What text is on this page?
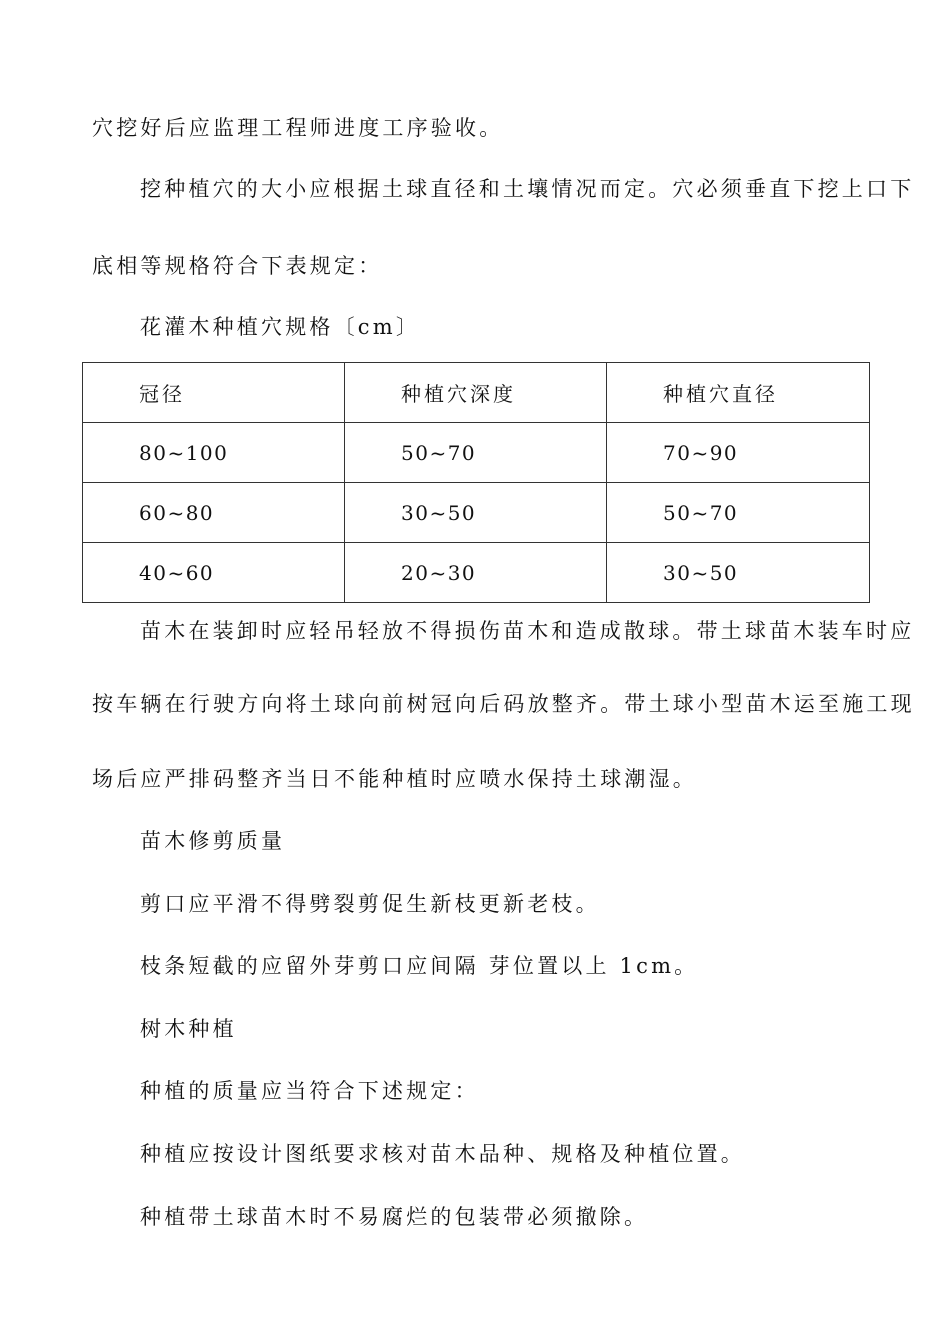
穴挖好后应监理工程师进度工序验收。
挖种植穴的大小应根据土球直径和土壤情况而定。穴必须垂直下挖上口下
底相等规格符合下表规定：
花灌木种植穴规格〔cm〕
冠径	种植穴深度	种植穴直径
80~100	50~70	70~90
60~80	30~50	50~70
40~60	20~30	30~50
苗木在装卸时应轻吊轻放不得损伤苗木和造成散球。带土球苗木装车时应
按车辆在行驶方向将土球向前树冠向后码放整齐。带土球小型苗木运至施工现
场后应严排码整齐当日不能种植时应喷水保持土球潮湿。
苗木修剪质量
剪口应平滑不得劈裂剪促生新枝更新老枝。
枝条短截的应留外芽剪口应间隔 芽位置以上 1cm。
树木种植
种植的质量应当符合下述规定：
种植应按设计图纸要求核对苗木品种、规格及种植位置。
种植带土球苗木时不易腐烂的包装带必须撤除。
